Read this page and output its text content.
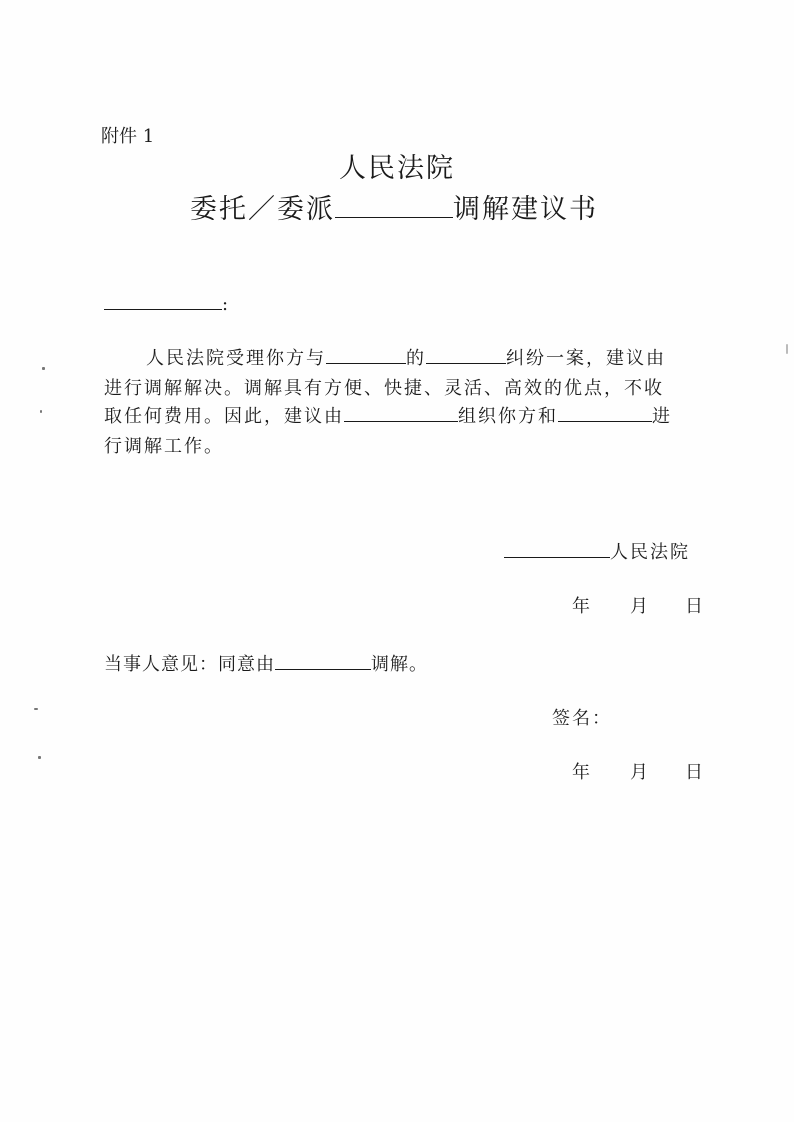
附件 1
人民法院
委托／委派	调解建议书
:
人民法院受理你方与	的	纠纷一案，建议由
进行调解解决。调解具有方便、快捷、灵活、高效的优点，不收
取任何费用。因此，建议由	组织你方和	进
行调解工作。
人民法院
年 月 日
当事人意见：同意由	调解。
签名：
年 月 日
